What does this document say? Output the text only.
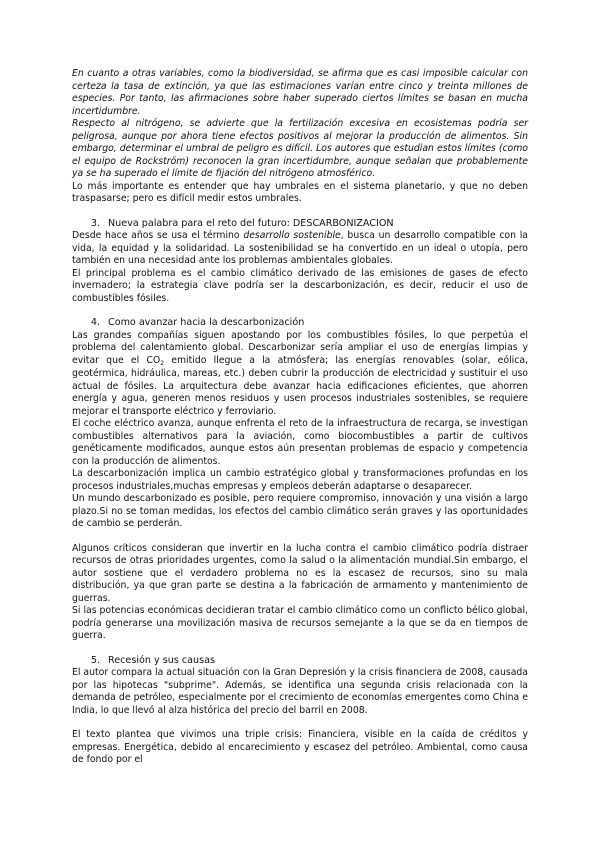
En cuanto a otras variables, como la biodiversidad, se afirma que es casi imposible calcular con certeza la tasa de extinción, ya que las estimaciones varían entre cinco y treinta millones de especies. Por tanto, las afirmaciones sobre haber superado ciertos límites se basan en mucha incertidumbre.

Respecto al nitrógeno, se advierte que la fertilización excesiva en ecosistemas podría ser peligrosa, aunque por ahora tiene efectos positivos al mejorar la producción de alimentos. Sin embargo, determinar el umbral de peligro es difícil. Los autores que estudian estos límites (como el equipo de Rockström) reconocen la gran incertidumbre, aunque señalan que probablemente ya se ha superado el límite de fijación del nitrógeno atmosférico.

Lo más importante es entender que hay umbrales en el sistema planetario, y que no deben traspasarse; pero es difícil medir estos umbrales.

3. Nueva palabra para el reto del futuro: DESCARBONIZACION

Desde hace años se usa el término desarrollo sostenible, busca un desarrollo compatible con la vida, la equidad y la solidaridad. La sostenibilidad se ha convertido en un ideal o utopía, pero también en una necesidad ante los problemas ambientales globales.

El principal problema es el cambio climático derivado de las emisiones de gases de efecto invernadero; la estrategia clave podría ser la descarbonización, es decir, reducir el uso de combustibles fósiles.

4. Como avanzar hacia la descarbonización

Las grandes compañías siguen apostando por los combustibles fósiles, lo que perpetúa el problema del calentamiento global. Descarbonizar sería ampliar el uso de energías limpias y evitar que el $CO_2$ emitido llegue a la atmósfera; las energías renovables (solar, eólica, geotérmica, hidráulica, mareas, etc.) deben cubrir la producción de electricidad y sustituir el uso actual de fósiles. La arquitectura debe avanzar hacia edificaciones eficientes, que ahorren energía y agua, generen menos residuos y usen procesos industriales sostenibles, se requiere mejorar el transporte eléctrico y ferroviario.

El coche eléctrico avanza, aunque enfrenta el reto de la infraestructura de recarga, se investigan combustibles alternativos para la aviación, como biocombustibles a partir de cultivos genéticamente modificados, aunque estos aún presentan problemas de espacio y competencia con la producción de alimentos.

La descarbonización implica un cambio estratégico global y transformaciones profundas en los procesos industriales,muchas empresas y empleos deberán adaptarse o desaparecer.

Un mundo descarbonizado es posible, pero requiere compromiso, innovación y una visión a largo plazo.Si no se toman medidas, los efectos del cambio climático serán graves y las oportunidades de cambio se perderán.

Algunos críticos consideran que invertir en la lucha contra el cambio climático podría distraer recursos de otras prioridades urgentes, como la salud o la alimentación mundial.Sin embargo, el autor sostiene que el verdadero problema no es la escasez de recursos, sino su mala distribución, ya que gran parte se destina a la fabricación de armamento y mantenimiento de guerras.

Si las potencias económicas decidieran tratar el cambio climático como un conflicto bélico global, podría generarse una movilización masiva de recursos semejante a la que se da en tiempos de guerra.

5. Recesión y sus causas

El autor compara la actual situación con la Gran Depresión y la crisis financiera de 2008, causada por las hipotecas "subprime". Además, se identifica una segunda crisis relacionada con la demanda de petróleo, especialmente por el crecimiento de economías emergentes como China e India, lo que llevó al alza histórica del precio del barril en 2008.

El texto plantea que vivimos una triple crisis: Financiera, visible en la caída de créditos y empresas. Energética, debido al encarecimiento y escasez del petróleo. Ambiental, como causa de fondo por el
